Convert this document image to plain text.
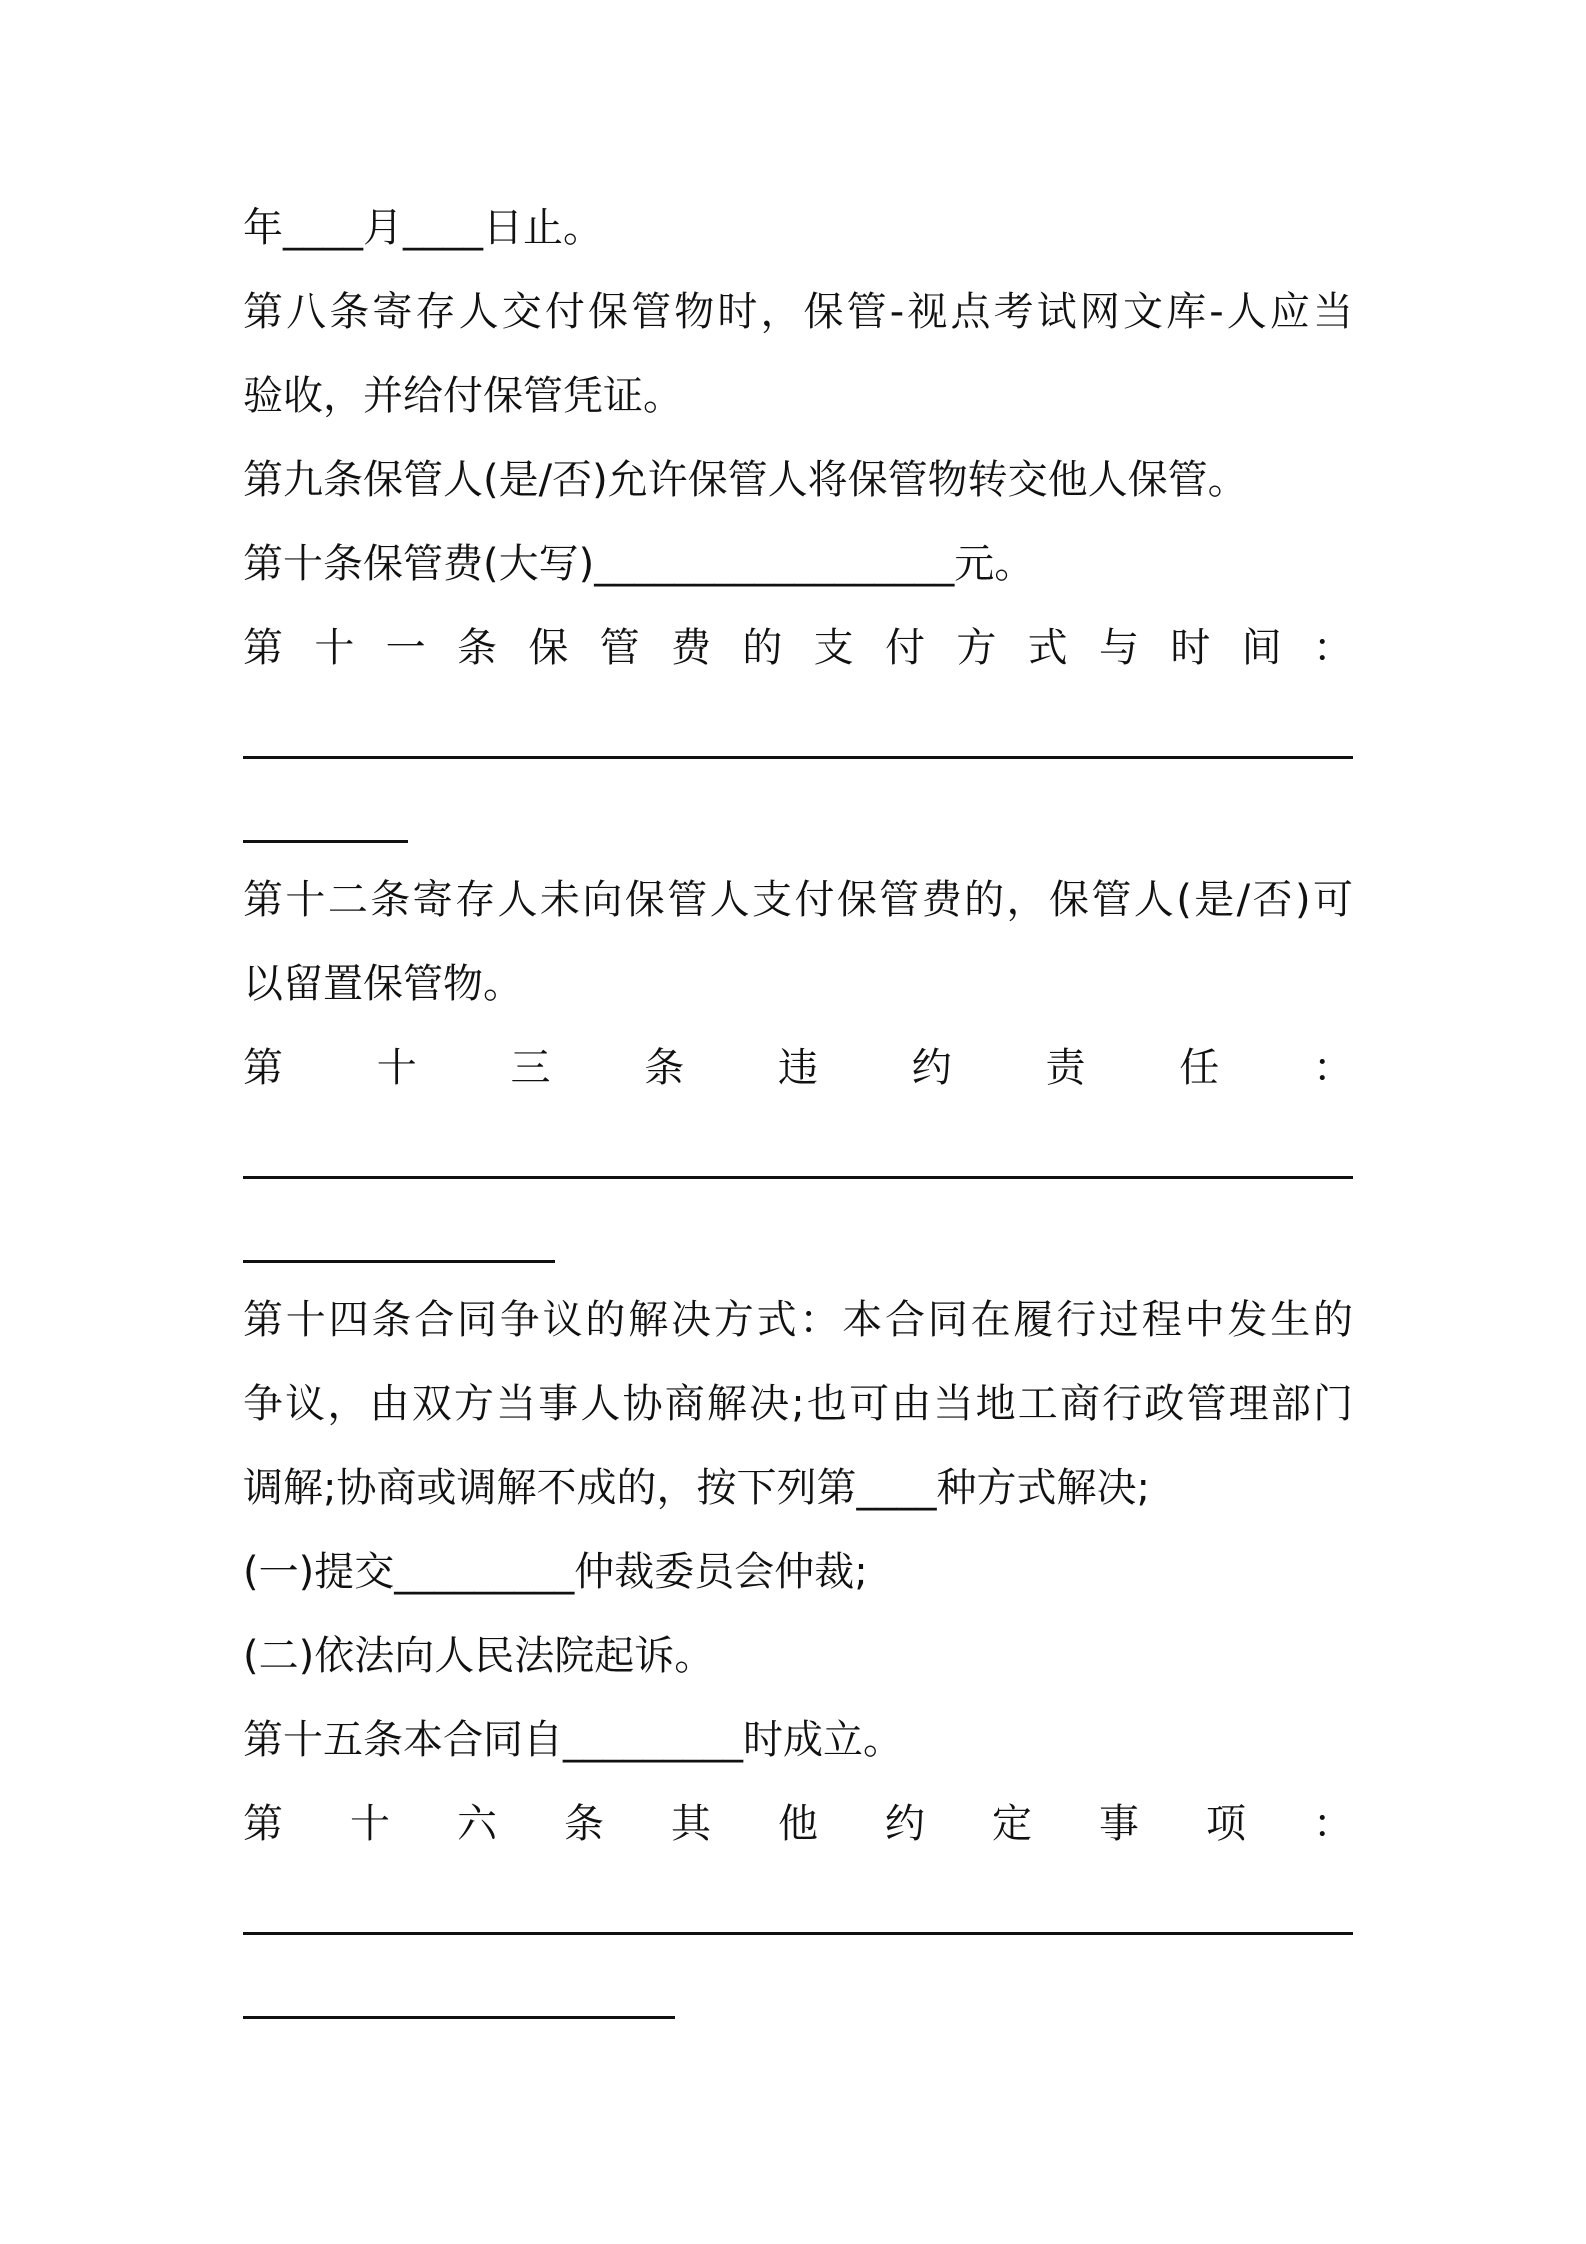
年____月____日止。
第八条寄存人交付保管物时，保管-视点考试网文库-人应当
验收，并给付保管凭证。
第九条保管人(是/否)允许保管人将保管物转交他人保管。
第十条保管费(大写)__________________元。
第十一条保管费的支付方式与时间：
第十二条寄存人未向保管人支付保管费的，保管人(是/否)可
以留置保管物。
第十三条违约责任：
第十四条合同争议的解决方式：本合同在履行过程中发生的
争议，由双方当事人协商解决;也可由当地工商行政管理部门
调解;协商或调解不成的，按下列第____种方式解决;
(一)提交_________仲裁委员会仲裁;
(二)依法向人民法院起诉。
第十五条本合同自_________时成立。
第十六条其他约定事项：
